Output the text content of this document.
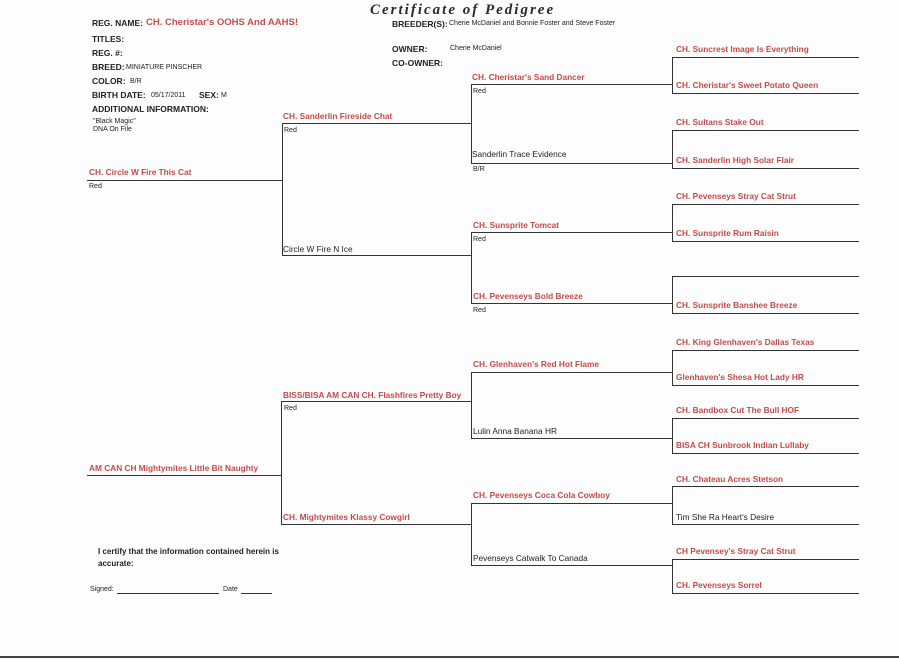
Certificate of Pedigree
REG. NAME: CH. Cheristar's OOHS And AAHS!
TITLES:
REG. #:
BREED: MINIATURE PINSCHER
COLOR: B/R
BIRTH DATE: 05/17/2011 SEX: M
ADDITIONAL INFORMATION:
"Black Magic"
DNA On File
BREEDER(S): Cherie McDaniel and Bonnie Foster and Steve Foster
OWNER:	Cherie McDaniel
CO-OWNER:
CH. Circle W Fire This Cat
Red
AM CAN CH Mightymites Little Bit Naughty
CH. Sanderlin Fireside Chat
Red
Circle W Fire N Ice
BISS/BISA AM CAN CH. Flashfires Pretty Boy
Red
CH. Mightymites Klassy Cowgirl
CH. Cheristar's Sand Dancer
Red
Sanderlin Trace Evidence
B/R
CH. Sunsprite Tomcat
Red
CH. Pevenseys Bold Breeze
Red
CH. Glenhaven's Red Hot Flame
Lulin Anna Banana HR
CH. Pevenseys Coca Cola Cowboy
Pevenseys Catwalk To Canada
CH. Suncrest Image Is Everything
CH. Cheristar's Sweet Potato Queen
CH. Sultans Stake Out
CH. Sanderlin High Solar Flair
CH. Pevenseys Stray Cat Strut
CH. Sunsprite Rum Raisin
CH. Sunsprite Banshee Breeze
CH. King Glenhaven's Dallas Texas
Glenhaven's Shesa Hot Lady HR
CH. Bandbox Cut The Bull HOF
BISA CH Sunbrook Indian Lullaby
CH. Chateau Acres Stetson
Tim She Ra Heart's Desire
CH Pevensey's Stray Cat Strut
CH. Pevenseys Sorrel
I certify that the information contained herein is accurate:
Signed:	Date
